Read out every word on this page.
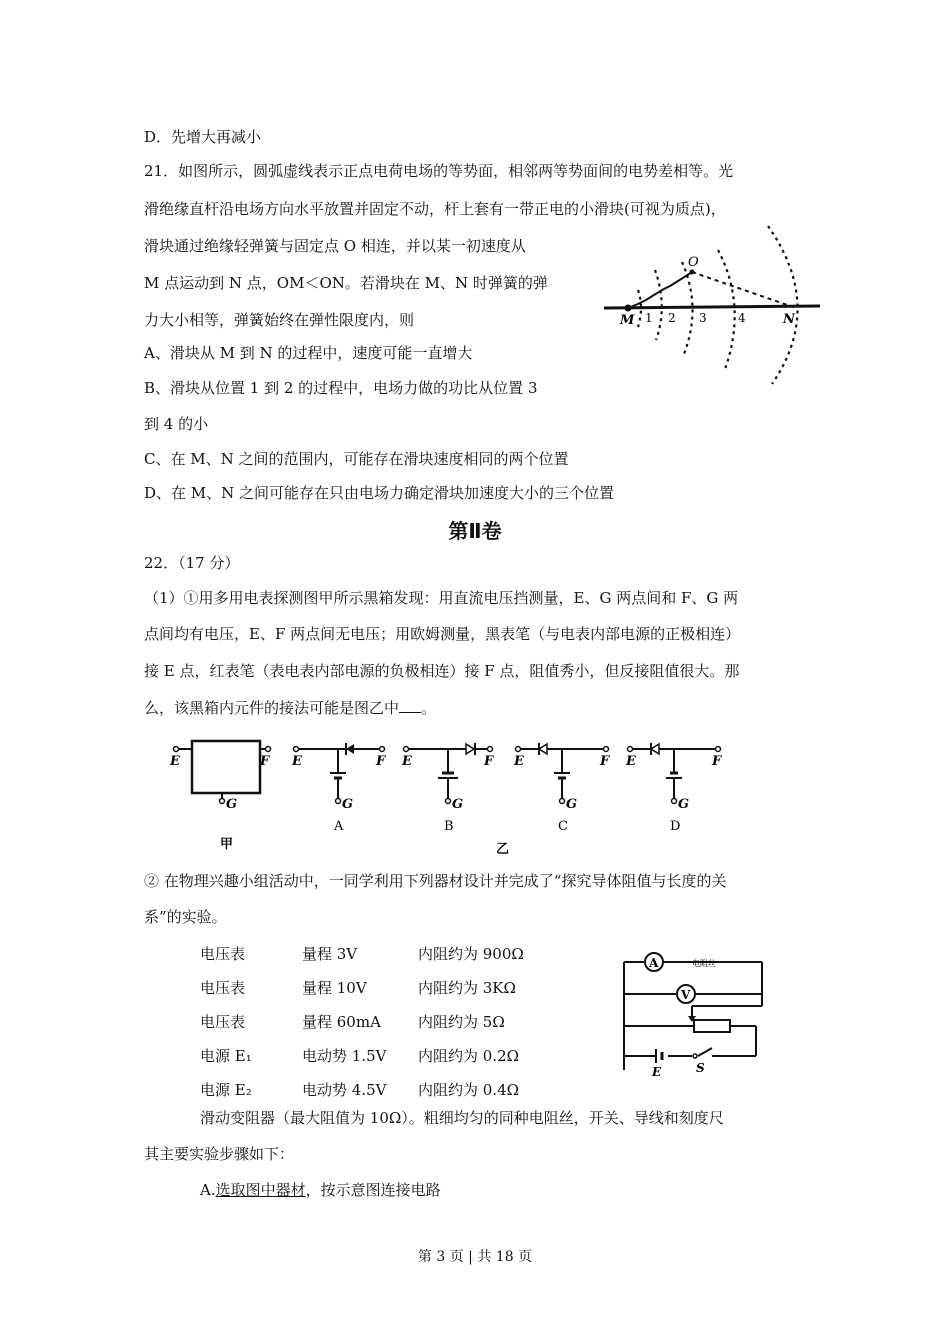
D．先增大再减小
21．如图所示，圆弧虚线表示正点电荷电场的等势面，相邻两等势面间的电势差相等。光
滑绝缘直杆沿电场方向水平放置并固定不动，杆上套有一带正电的小滑块(可视为质点)，
滑块通过绝缘轻弹簧与固定点 O 相连，并以某一初速度从
M 点运动到 N 点，OM＜ON。若滑块在 M、N 时弹簧的弹
力大小相等，弹簧始终在弹性限度内，则
A、滑块从 M 到 N 的过程中，速度可能一直增大
B、滑块从位置 1 到 2 的过程中，电场力做的功比从位置 3
到 4 的小
C、在 M、N 之间的范围内，可能存在滑块速度相同的两个位置
D、在 M、N 之间可能存在只由电场力确定滑块加速度大小的三个位置
第Ⅱ卷
22．（17 分）
（1）①用多用电表探测图甲所示黑箱发现：用直流电压挡测量，E、G 两点间和 F、G 两
点间均有电压，E、F 两点间无电压；用欧姆测量，黑表笔（与电表内部电源的正极相连）
接 E 点，红表笔（表电表内部电源的负极相连）接 F 点，阻值秀小，但反接阻值很大。那
么，该黑箱内元件的接法可能是图乙中 。
② 在物理兴趣小组活动中，一同学利用下列器材设计并完成了“探究导体阻值与长度的关
系”的实验。
电压表	量程 3V	内阻约为 900Ω
电压表	量程 10V	内阻约为 3KΩ
电压表	量程 60mA	内阻约为 5Ω
电源 E₁	电动势 1.5V	内阻约为 0.2Ω
电源 E₂	电动势 4.5V	内阻约为 0.4Ω
滑动变阻器（最大阻值为 10Ω）。粗细均匀的同种电阻丝，开关、导线和刻度尺
其主要实验步骤如下：
A.选取图中器材，按示意图连接电路
第 3 页 | 共 18 页
O
M 1 2 3	4	N
E	F
G
甲
E	F
G
A
E	F
G
B
E	F
G
C
E	F
G
D
乙
A
V
电阻丝
E	S
